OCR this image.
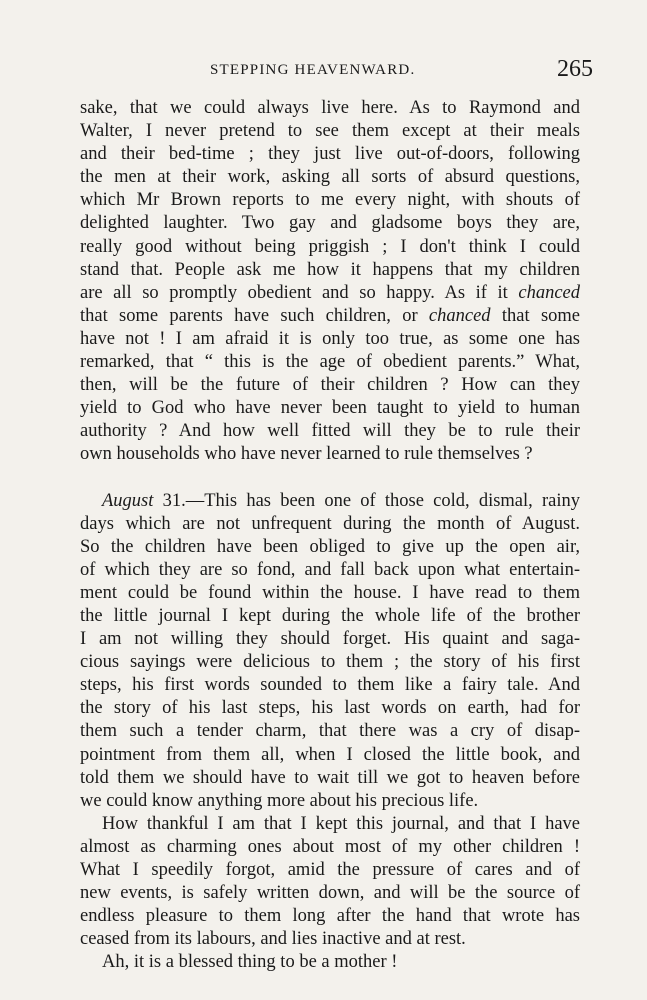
STEPPING HEAVENWARD.	265
sake, that we could always live here. As to Raymond and
Walter, I never pretend to see them except at their meals
and their bed-time ; they just live out-of-doors, following
the men at their work, asking all sorts of absurd questions,
which Mr Brown reports to me every night, with shouts of
delighted laughter. Two gay and gladsome boys they are,
really good without being priggish ; I don't think I could
stand that. People ask me how it happens that my children
are all so promptly obedient and so happy. As if it chanced
that some parents have such children, or chanced that some
have not ! I am afraid it is only too true, as some one has
remarked, that “ this is the age of obedient parents.” What,
then, will be the future of their children ? How can they
yield to God who have never been taught to yield to human
authority ? And how well fitted will they be to rule their
own households who have never learned to rule themselves ?
August 31.—This has been one of those cold, dismal, rainy
days which are not unfrequent during the month of August.
So the children have been obliged to give up the open air,
of which they are so fond, and fall back upon what entertain-
ment could be found within the house. I have read to them
the little journal I kept during the whole life of the brother
I am not willing they should forget. His quaint and saga-
cious sayings were delicious to them ; the story of his first
steps, his first words sounded to them like a fairy tale. And
the story of his last steps, his last words on earth, had for
them such a tender charm, that there was a cry of disap-
pointment from them all, when I closed the little book, and
told them we should have to wait till we got to heaven before
we could know anything more about his precious life.
How thankful I am that I kept this journal, and that I have
almost as charming ones about most of my other children !
What I speedily forgot, amid the pressure of cares and of
new events, is safely written down, and will be the source of
endless pleasure to them long after the hand that wrote has
ceased from its labours, and lies inactive and at rest.
Ah, it is a blessed thing to be a mother !
